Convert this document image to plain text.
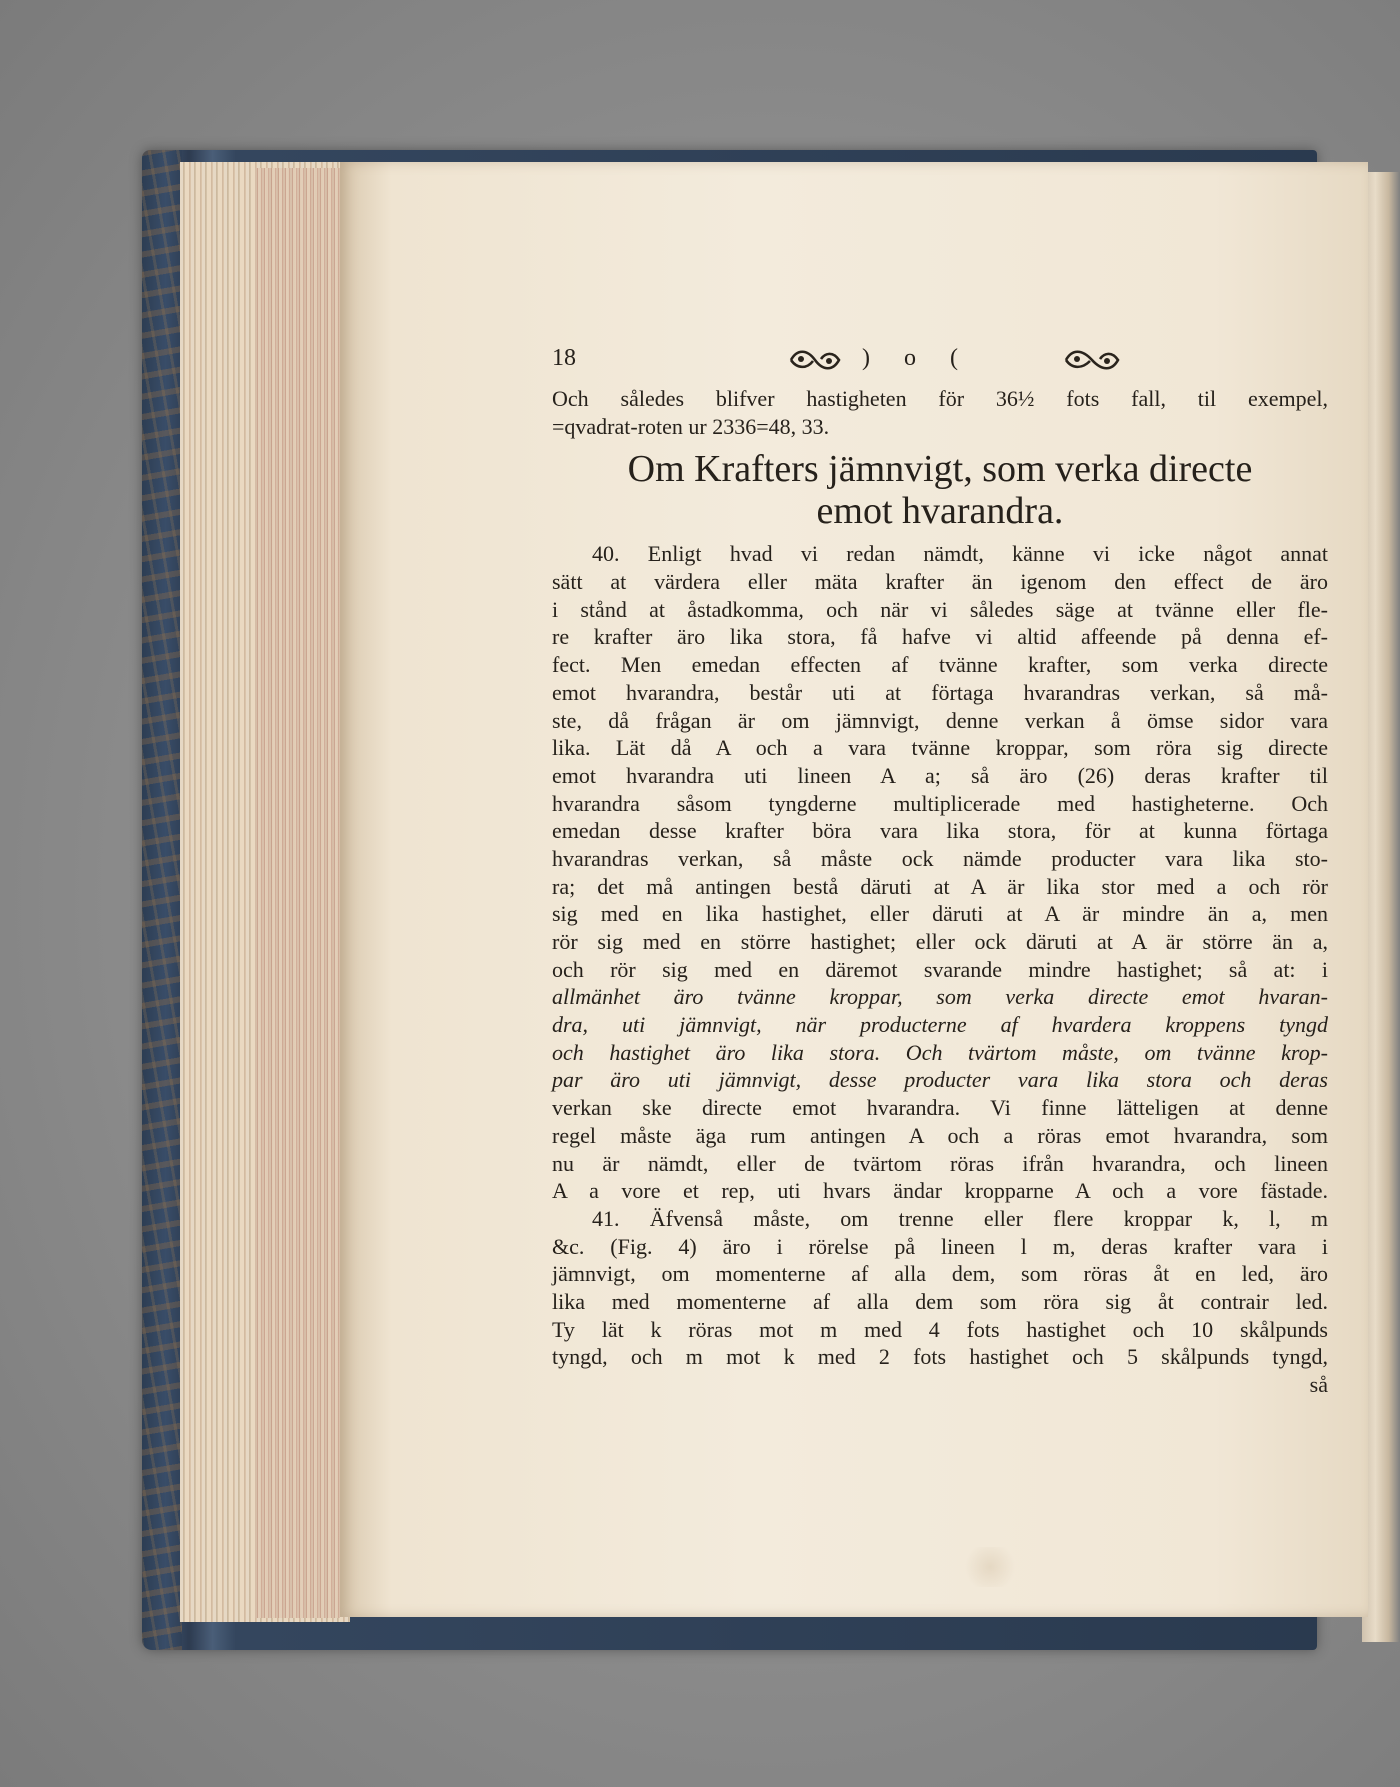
18	) o (
Och således blifver hastigheten för 36½ fots fall, til exempel,
=qvadrat-roten ur 2336=48, 33.
Om Krafters jämnvigt, som verka directe
emot hvarandra.
40. Enligt hvad vi redan nämdt, känne vi icke något annat
sätt at värdera eller mäta krafter än igenom den effect de äro
i stånd at åstadkomma, och när vi således säge at tvänne eller fle-
re krafter äro lika stora, få hafve vi altid affeende på denna ef-
fect. Men emedan effecten af tvänne krafter, som verka directe
emot hvarandra, består uti at förtaga hvarandras verkan, så må-
ste, då frågan är om jämnvigt, denne verkan å ömse sidor vara
lika. Lät då A och a vara tvänne kroppar, som röra sig directe
emot hvarandra uti lineen A a; så äro (26) deras krafter til
hvarandra såsom tyngderne multiplicerade med hastigheterne. Och
emedan desse krafter böra vara lika stora, för at kunna förtaga
hvarandras verkan, så måste ock nämde producter vara lika sto-
ra; det må antingen bestå däruti at A är lika stor med a och rör
sig med en lika hastighet, eller däruti at A är mindre än a, men
rör sig med en större hastighet; eller ock däruti at A är större än a,
och rör sig med en däremot svarande mindre hastighet; så at: i
allmänhet äro tvänne kroppar, som verka directe emot hvaran-
dra, uti jämnvigt, när producterne af hvardera kroppens tyngd
och hastighet äro lika stora. Och tvärtom måste, om tvänne krop-
par äro uti jämnvigt, desse producter vara lika stora och deras
verkan ske directe emot hvarandra. Vi finne lätteligen at denne
regel måste äga rum antingen A och a röras emot hvarandra, som
nu är nämdt, eller de tvärtom röras ifrån hvarandra, och lineen
A a vore et rep, uti hvars ändar kropparne A och a vore fästade.
41. Äfvenså måste, om trenne eller flere kroppar k, l, m
&c. (Fig. 4) äro i rörelse på lineen l m, deras krafter vara i
jämnvigt, om momenterne af alla dem, som röras åt en led, äro
lika med momenterne af alla dem som röra sig åt contrair led.
Ty lät k röras mot m med 4 fots hastighet och 10 skålpunds
tyngd, och m mot k med 2 fots hastighet och 5 skålpunds tyngd,
så
